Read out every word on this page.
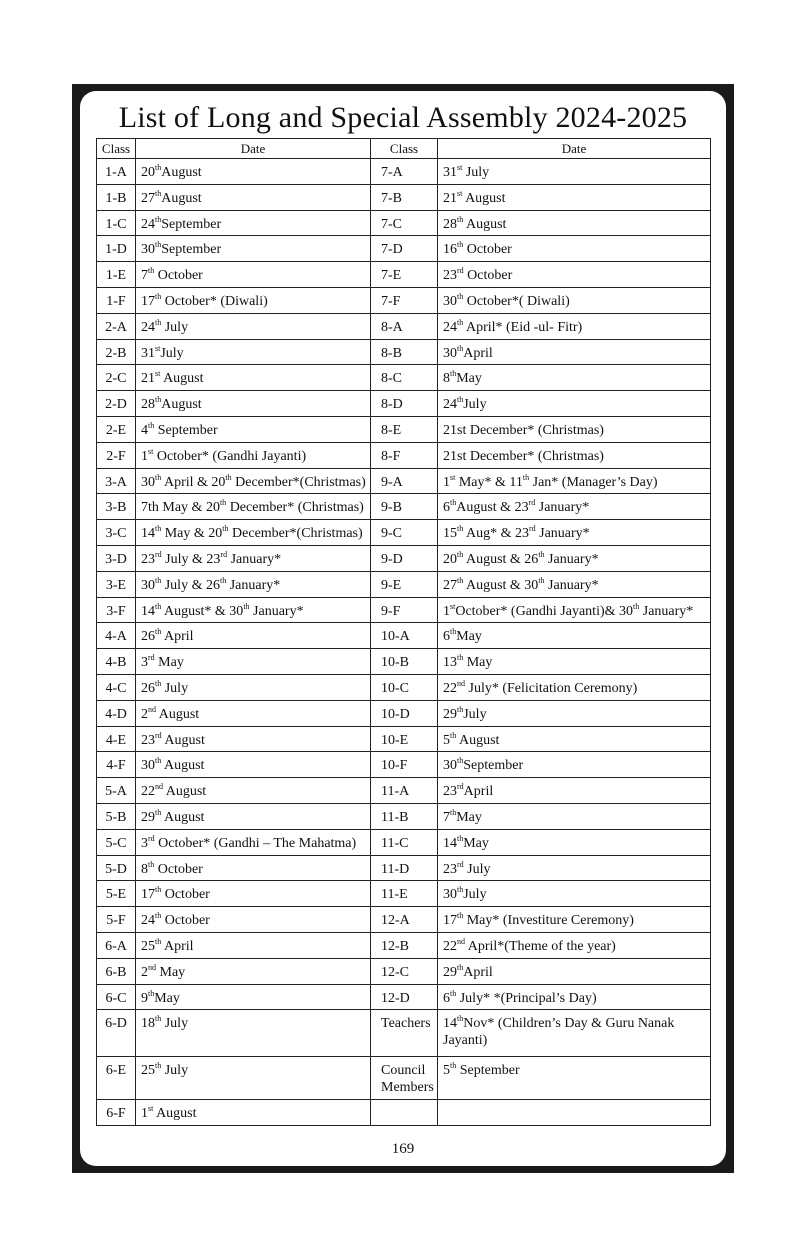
List of Long and Special Assembly 2024-2025
Class	Date	Class	Date
1-A	20thAugust	7-A	31st July
1-B	27thAugust	7-B	21st August
1-C	24thSeptember	7-C	28th August
1-D	30thSeptember	7-D	16th October
1-E	7th October	7-E	23rd October
1-F	17th October* (Diwali)	7-F	30th October*( Diwali)
2-A	24th July	8-A	24th April* (Eid -ul- Fitr)
2-B	31stJuly	8-B	30thApril
2-C	21st August	8-C	8thMay
2-D	28thAugust	8-D	24thJuly
2-E	4th September	8-E	21st December* (Christmas)
2-F	1st October* (Gandhi Jayanti)	8-F	21st December* (Christmas)
3-A	30th April & 20th December*(Christmas)	9-A	1st May* & 11th Jan* (Manager’s Day)
3-B	7th May & 20th December* (Christmas)	9-B	6thAugust & 23rd January*
3-C	14th May & 20th December*(Christmas)	9-C	15th Aug* & 23rd January*
3-D	23rd July & 23rd January*	9-D	20th August & 26th January*
3-E	30th July & 26th January*	9-E	27th August & 30th January*
3-F	14th August* & 30th January*	9-F	1stOctober* (Gandhi Jayanti)& 30th January*
4-A	26th April	10-A	6thMay
4-B	3rd May	10-B	13th May
4-C	26th July	10-C	22nd July* (Felicitation Ceremony)
4-D	2nd August	10-D	29thJuly
4-E	23rd August	10-E	5th August
4-F	30th August	10-F	30thSeptember
5-A	22nd August	11-A	23rdApril
5-B	29th August	11-B	7thMay
5-C	3rd October* (Gandhi – The Mahatma)	11-C	14thMay
5-D	8th October	11-D	23rd July
5-E	17th October	11-E	30thJuly
5-F	24th October	12-A	17th May* (Investiture Ceremony)
6-A	25th April	12-B	22nd April*(Theme of the year)
6-B	2nd May	12-C	29thApril
6-C	9thMay	12-D	6th July* *(Principal’s Day)
6-D	18th July	Teachers	14thNov* (Children’s Day & Guru Nanak Jayanti)
6-E	25th July	Council Members	5th September
6-F	1st August		
169
